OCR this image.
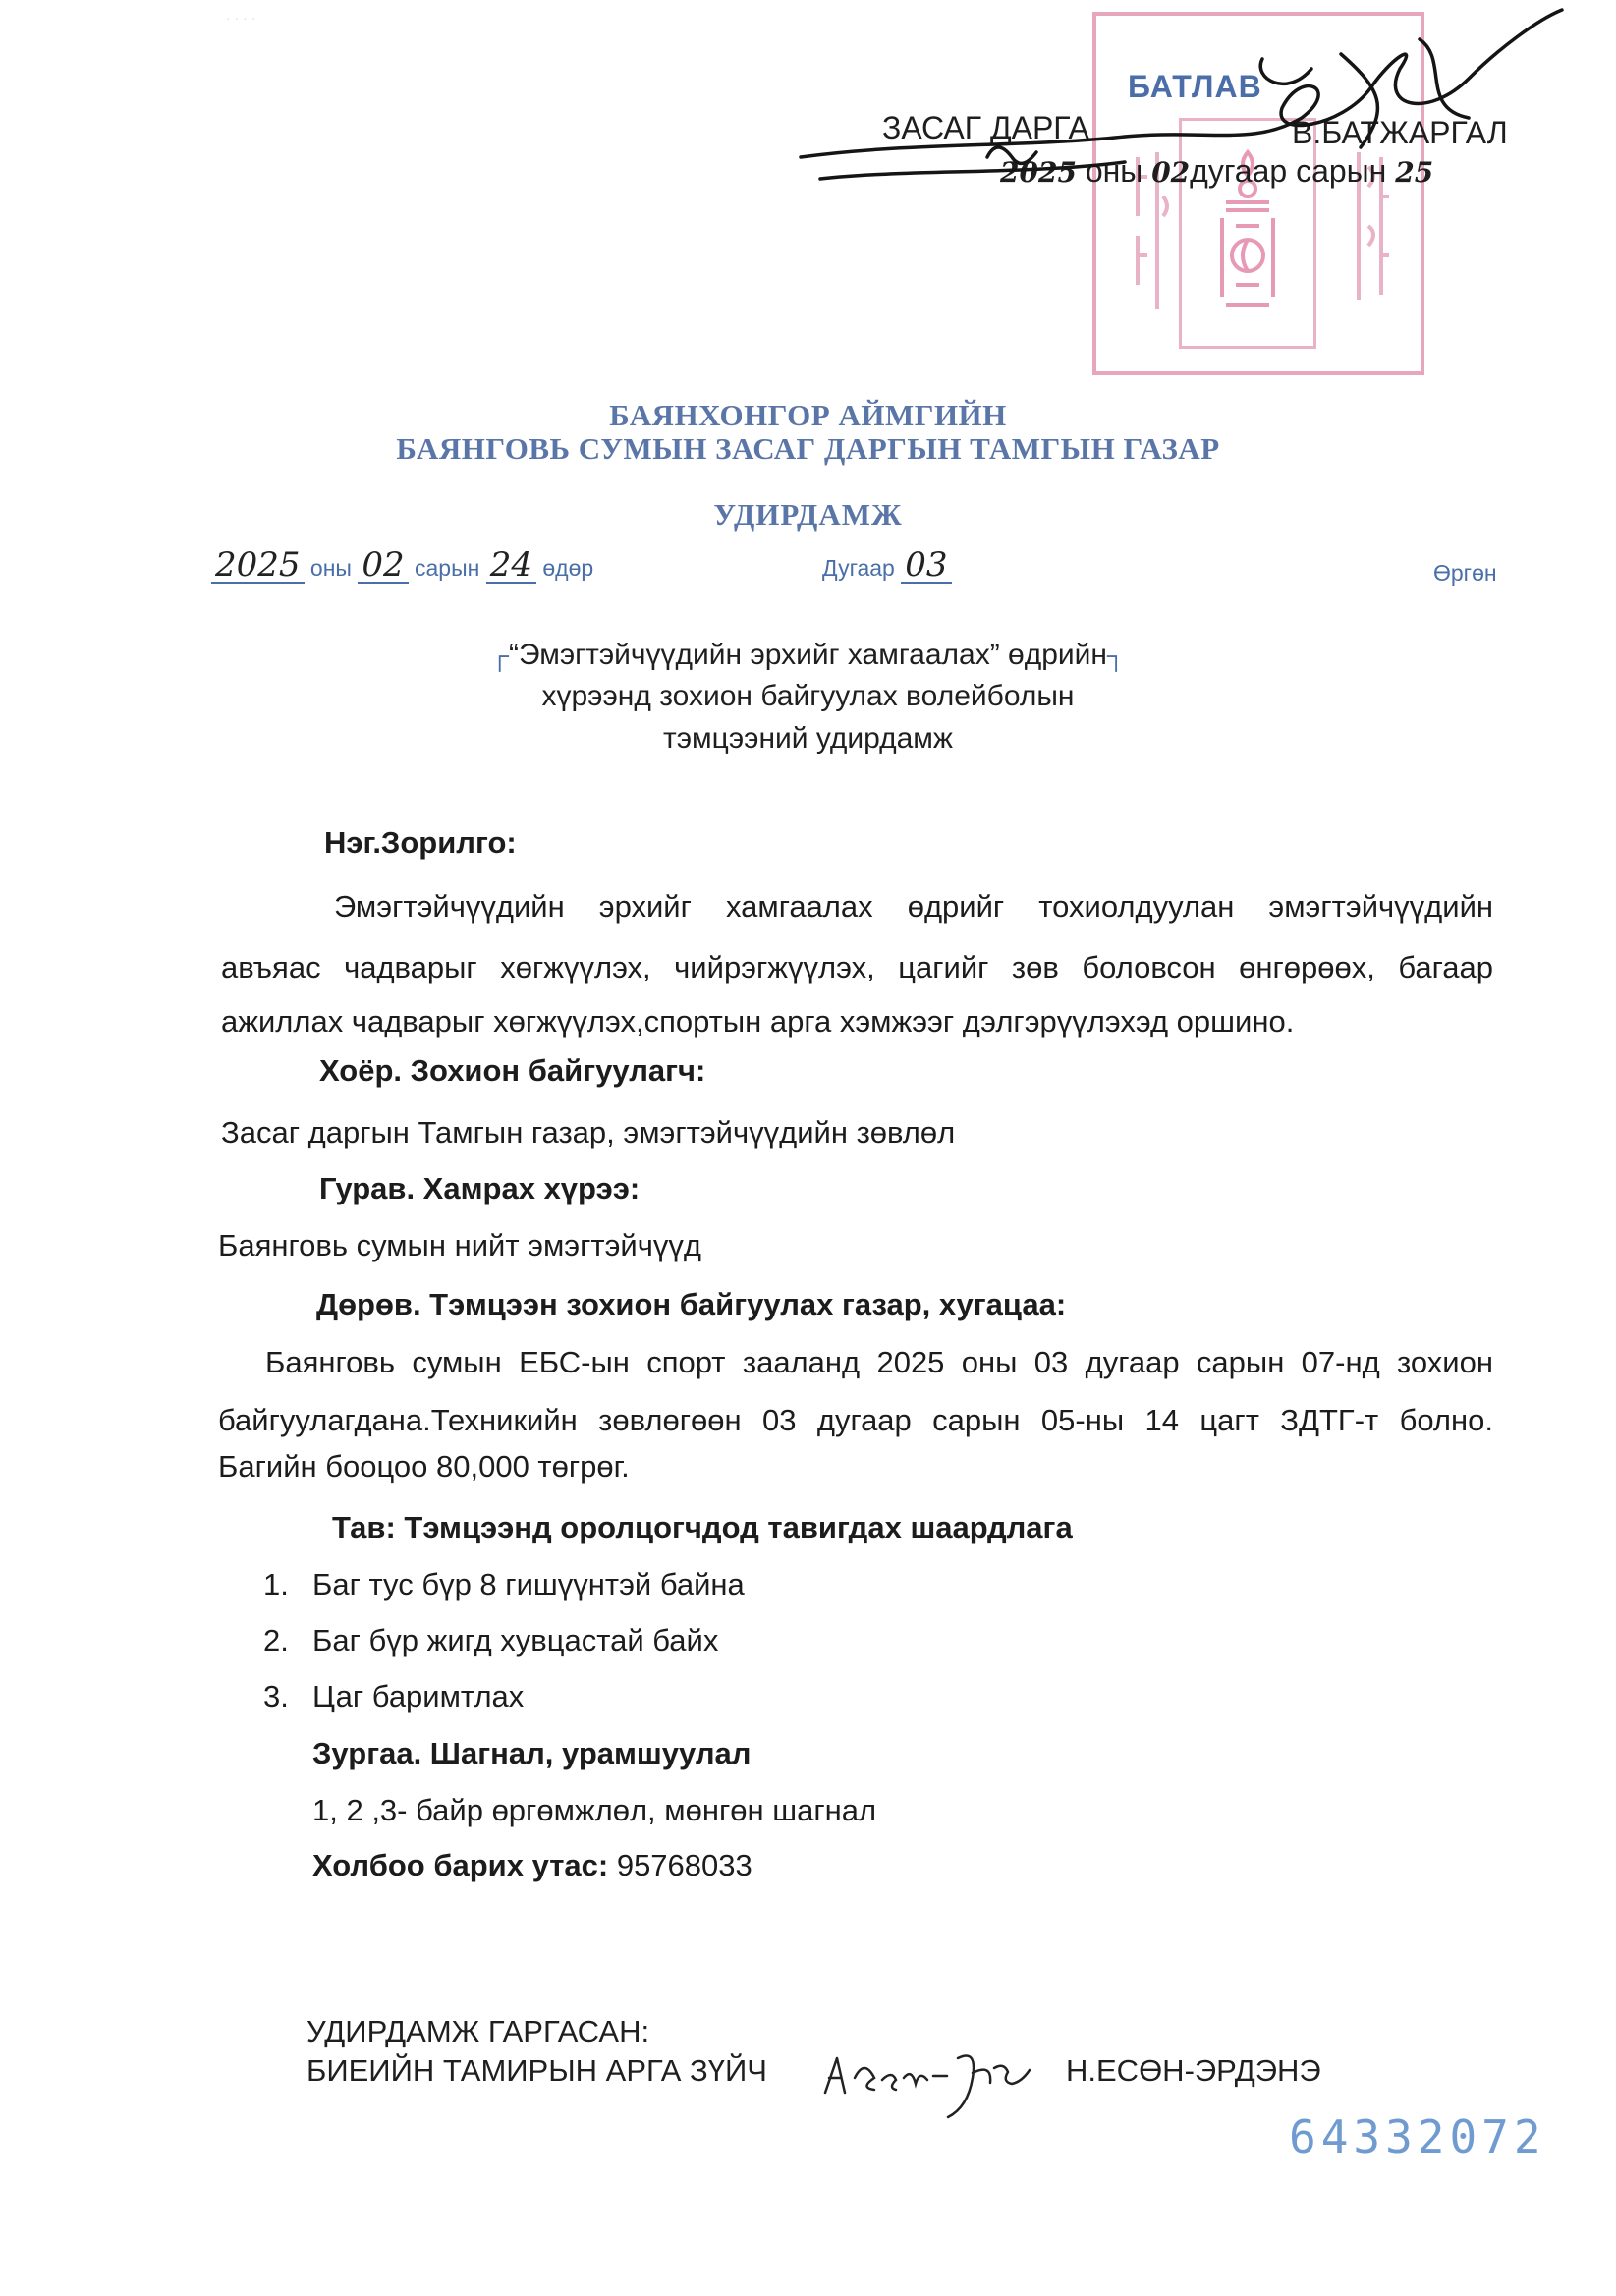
· · · ·
БАТЛАВ
ЗАСАГ ДАРГА	В.БАТЖАРГАЛ
2025 оны 02дугаар сарын 25
БАЯНХОНГОР АЙМГИЙН
БАЯНГОВЬ СУМЫН ЗАСАГ ДАРГЫН ТАМГЫН ГАЗАР
УДИРДАМЖ
2025 оны 02 сарын 24 өдөр	Дугаар 03	Өргөн
┌“Эмэгтэйчүүдийн эрхийг хамгаалах” өдрийн┐
хүрээнд зохион байгуулах волейболын
тэмцээний удирдамж
Нэг.Зорилго:
Эмэгтэйчүүдийн эрхийг хамгаалах өдрийг тохиолдуулан эмэгтэйчүүдийн
авъяас чадварыг хөгжүүлэх, чийрэгжүүлэх, цагийг зөв боловсон өнгөрөөх, багаар
ажиллах чадварыг хөгжүүлэх,спортын арга хэмжээг дэлгэрүүлэхэд оршино.
Хоёр. Зохион байгуулагч:
Засаг даргын Тамгын газар, эмэгтэйчүүдийн зөвлөл
Гурав. Хамрах хүрээ:
Баянговь сумын нийт эмэгтэйчүүд
Дөрөв. Тэмцээн зохион байгуулах газар, хугацаа:
Баянговь сумын ЕБС-ын спорт зааланд 2025 оны 03 дугаар сарын 07-нд зохион
байгуулагдана.Техникийн зөвлөгөөн 03 дугаар сарын 05-ны 14 цагт ЗДТГ-т болно.
Багийн бооцоо 80,000 төгрөг.
Тав: Тэмцээнд оролцогчдод тавигдах шаардлага
1. Баг тус бүр 8 гишүүнтэй байна
2. Баг бүр жигд хувцастай байх
3. Цаг баримтлах
Зургаа. Шагнал, урамшуулал
1, 2 ,3- байр өргөмжлөл, мөнгөн шагнал
Холбоо барих утас: 95768033
УДИРДАМЖ ГАРГАСАН:
БИЕИЙН ТАМИРЫН АРГА ЗҮЙЧ	Н.ЕСӨН-ЭРДЭНЭ
64332072
